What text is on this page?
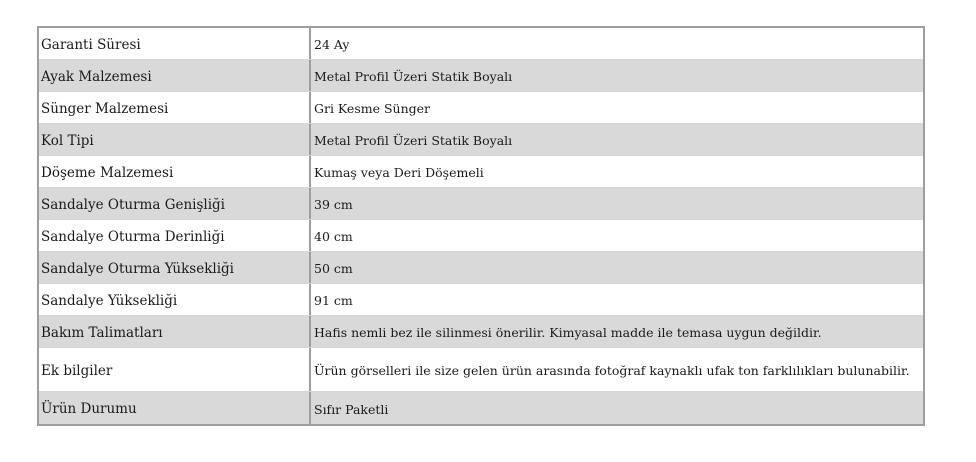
Garanti Süresi	24 Ay
Ayak Malzemesi	Metal Profil Üzeri Statik Boyalı
Sünger Malzemesi	Gri Kesme Sünger
Kol Tipi	Metal Profil Üzeri Statik Boyalı
Döşeme Malzemesi	Kumaş veya Deri Döşemeli
Sandalye Oturma Genişliği	39 cm
Sandalye Oturma Derinliği	40 cm
Sandalye Oturma Yüksekliği	50 cm
Sandalye Yüksekliği	91 cm
Bakım Talimatları	Hafis nemli bez ile silinmesi önerilir. Kimyasal madde ile temasa uygun değildir.
Ek bilgiler	Ürün görselleri ile size gelen ürün arasında fotoğraf kaynaklı ufak ton farklılıkları bulunabilir.
Ürün Durumu	Sıfır Paketli
